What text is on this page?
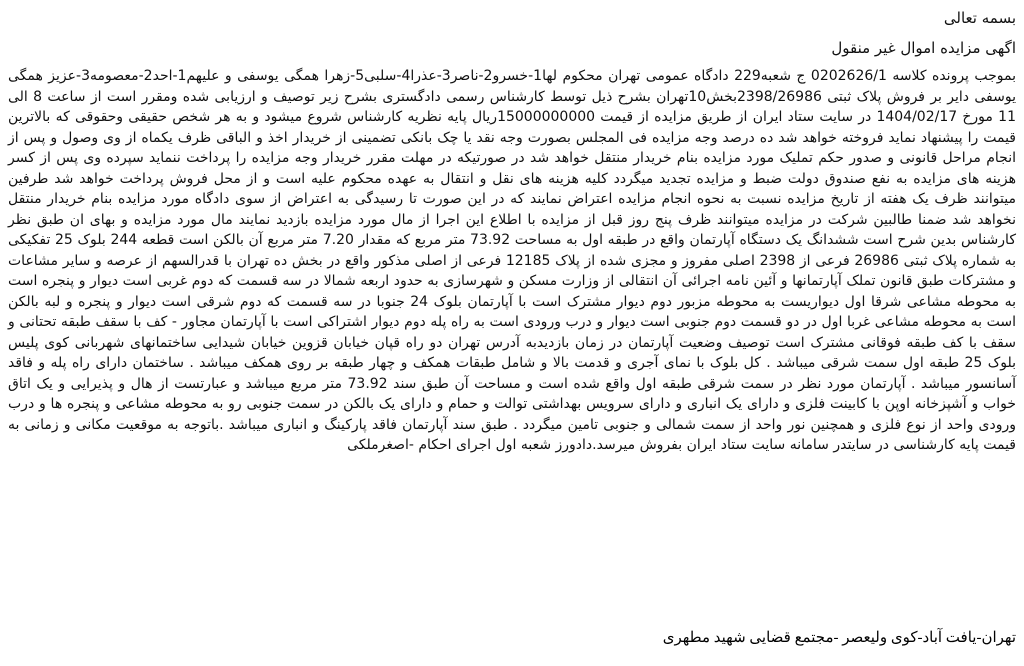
بسمه تعالی

اگهی مزایده اموال غیر منقول

بموجب پرونده کلاسه 0202626/1 ج شعبه229 دادگاه عمومی تهران محکوم لها1-خسرو2-ناصر3-عذرا4-سلبی5-زهرا همگی یوسفی و علیهم1-احد2-معصومه3-عزیز همگی یوسفی دایر بر فروش پلاک ثبتی 2398/26986بخش10تهران بشرح ذیل توسط کارشناس رسمی دادگستری بشرح زیر توصیف و ارزیابی شده ومقرر است از ساعت 8 الی 11 مورخ 1404/02/17 در سایت ستاد ایران از طریق مزایده از قیمت 15000000000ریال پایه نظریه کارشناس شروع میشود و به هر شخص حقیقی وحقوقی که بالاترین قیمت را پیشنهاد نماید فروخته خواهد شد ده درصد وجه مزایده فی المجلس بصورت وجه نقد یا چک بانکی تضمینی از خریدار اخذ و الباقی ظرف یکماه از وی وصول و پس از انجام مراحل قانونی و صدور حکم تملیک مورد مزایده بنام خریدار منتقل خواهد شد در صورتیکه در مهلت مقرر خریدار وجه مزایده را پرداخت ننماید سپرده وی پس از کسر هزینه های مزایده به نفع صندوق دولت ضبط و مزایده تجدید میگردد کلیه هزینه های نقل و انتقال به عهده محکوم علیه است و از محل فروش پرداخت خواهد شد طرفین میتوانند ظرف یک هفته از تاریخ مزایده نسبت به نحوه انجام مزایده اعتراض نمایند که در این صورت تا رسیدگی به اعتراض از سوی دادگاه مورد مزایده بنام خریدار منتقل نخواهد شد ضمنا طالبین شرکت در مزایده میتوانند ظرف پنج روز قبل از مزایده با اطلاع این اجرا از مال مورد مزایده بازدید نمایند مال مورد مزایده و بهای ان طبق نظر کارشناس بدین شرح است ششدانگ یک دستگاه آپارتمان واقع در طبقه اول به مساحت 73.92 متر مربع که مقدار 7.20 متر مربع آن بالکن است قطعه 244 بلوک 25 تفکیکی به شماره پلاک ثبتی 26986 فرعی از 2398 اصلی مفروز و مجزی شده از پلاک 12185 فرعی از اصلی مذکور واقع در بخش ده تهران با قدرالسهم از عرصه و سایر مشاعات و مشترکات طبق قانون تملک آپارتمانها و آئین نامه اجرائی آن انتقالی از وزارت مسکن و شهرسازی به حدود اربعه شمالا در سه قسمت که دوم غربی است دیوار و پنجره است به محوطه مشاعی شرقا اول دیواریست به محوطه مزبور دوم دیوار مشترک است با آپارتمان بلوک 24 جنوبا در سه قسمت که دوم شرقی است دیوار و پنجره و لبه بالکن است به محوطه مشاعی غربا اول در دو قسمت دوم جنوبی است دیوار و درب ورودی است به راه پله دوم دیوار اشتراکی است با آپارتمان مجاور - کف با سقف طبقه تحتانی و سقف با کف طبقه فوقانی مشترک است توصیف وضعیت آپارتمان در زمان بازدیدبه آدرس تهران دو راه قپان خیابان قزوین خیابان شیدایی ساختمانهای شهربانی کوی پلیس بلوک 25 طبقه اول سمت شرقی میباشد . کل بلوک با نمای آجری و قدمت بالا و شامل طبقات همکف و چهار طبقه بر روی همکف میباشد . ساختمان دارای راه پله و فاقد آسانسور میباشد . آپارتمان مورد نظر در سمت شرقی طبقه اول واقع شده است و مساحت آن طبق سند 73.92 متر مربع میباشد و عبارتست از هال و پذیرایی و یک اتاق خواب و آشپزخانه اوپن با کابینت فلزی و دارای یک انباری و دارای سرویس بهداشتی توالت و حمام و دارای یک بالکن در سمت جنوبی رو به محوطه مشاعی و پنجره ها و درب ورودی واحد از نوع فلزی و همچنین نور واحد از سمت شمالی و جنوبی تامین میگردد . طبق سند آپارتمان فاقد پارکینگ و انباری میباشد .باتوجه به موقعیت مکانی و زمانی به قیمت پایه کارشناسی در سایتدر سامانه سایت ستاد ایران بفروش میرسد.دادورز شعبه اول اجرای احکام -اصغرملکی

تهران-یافت آباد-کوی ولیعصر -مجتمع قضایی شهید مطهری
